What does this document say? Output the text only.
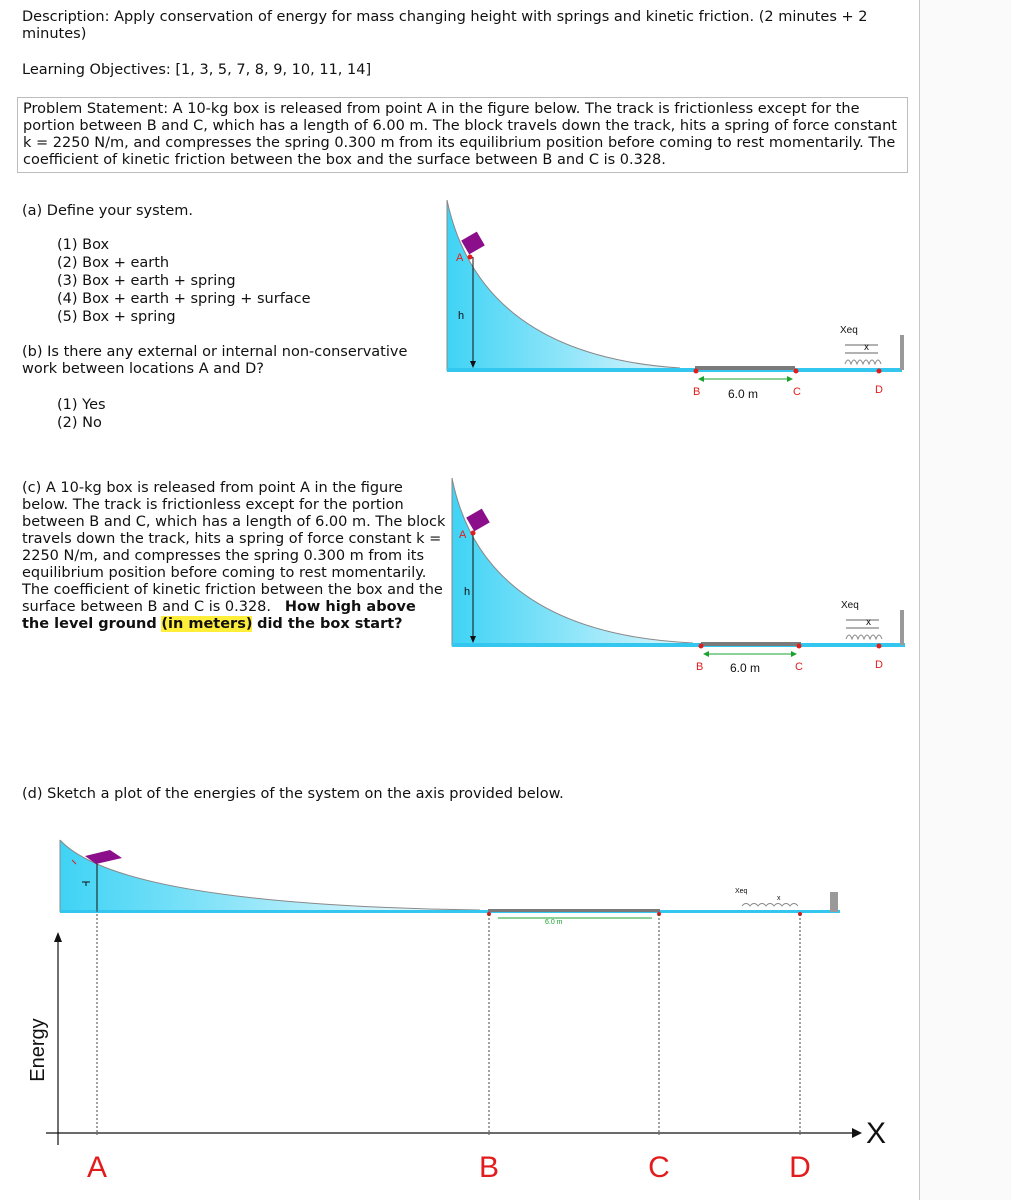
Description: Apply conservation of energy for mass changing height with springs and kinetic friction. (2 minutes + 2 minutes)
Learning Objectives: [1, 3, 5, 7, 8, 9, 10, 11, 14]
Problem Statement: A 10-kg box is released from point A in the figure below. The track is frictionless except for the portion between B and C, which has a length of 6.00 m. The block travels down the track, hits a spring of force constant k = 2250 N/m, and compresses the spring 0.300 m from its equilibrium position before coming to rest momentarily. The coefficient of kinetic friction between the box and the surface between B and C is 0.328.
(a) Define your system.
(1) Box
(2) Box + earth
(3) Box + earth + spring
(4) Box + earth + spring + surface
(5) Box + spring
(b) Is there any external or internal non-conservative work between locations A and D?
(1) Yes
(2) No
(c) A 10-kg box is released from point A in the figure below. The track is frictionless except for the portion between B and C, which has a length of 6.00 m. The block travels down the track, hits a spring of force constant k = 2250 N/m, and compresses the spring 0.300 m from its equilibrium position before coming to rest momentarily. The coefficient of kinetic friction between the box and the surface between B and C is 0.328. How high above the level ground (in meters) did the box start?
(d) Sketch a plot of the energies of the system on the axis provided below.
A
h
B	C	D
6.0 m
Xeq
x
A
h
B	C	D
6.0 m
Xeq
x
6.0 m
Xeq
x
Energy
X
A	B	C	D
